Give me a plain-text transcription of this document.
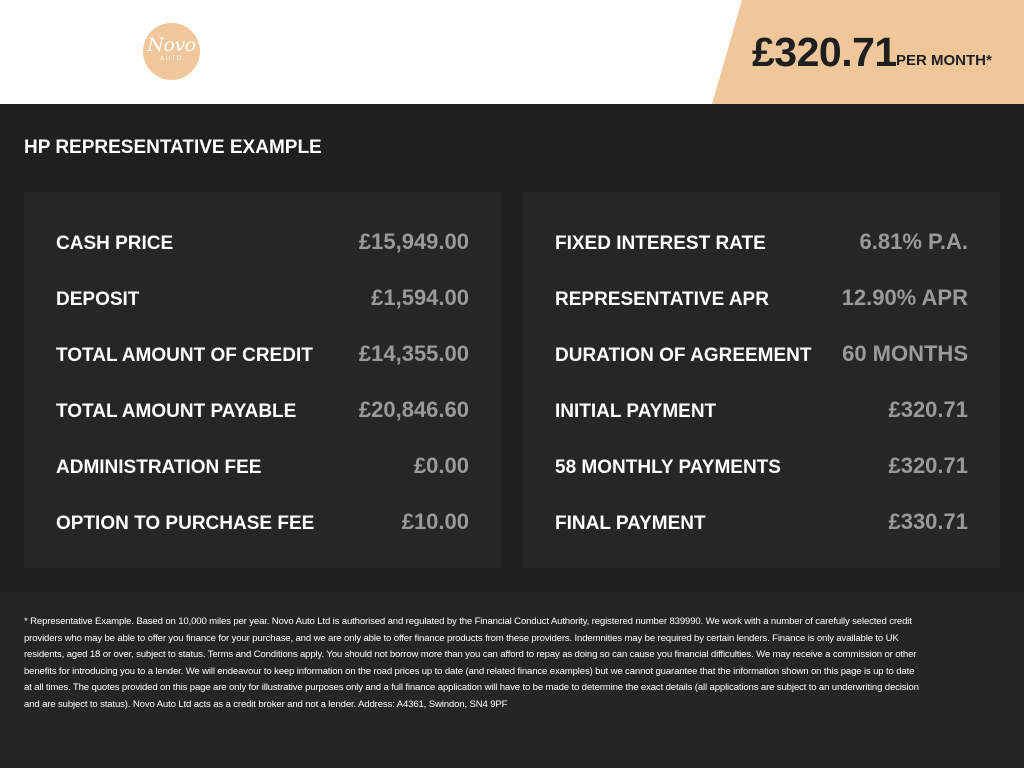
Novo
AUTO	£320.71 PER MONTH*
HP REPRESENTATIVE EXAMPLE
CASH PRICE	£15,949.00
DEPOSIT	£1,594.00
TOTAL AMOUNT OF CREDIT £14,355.00
TOTAL AMOUNT PAYABLE	£20,846.60
ADMINISTRATION FEE	£0.00
OPTION TO PURCHASE FEE	£10.00
FIXED INTEREST RATE	6.81% P.A.
REPRESENTATIVE APR	12.90% APR
DURATION OF AGREEMENT 60 MONTHS
INITIAL PAYMENT	£320.71
58 MONTHLY PAYMENTS	£320.71
FINAL PAYMENT	£330.71
* Representative Example. Based on 10,000 miles per year. Novo Auto Ltd is authorised and regulated by the Financial Conduct Authority, registered number 839990. We work with a number of carefully selected credit providers who may be able to offer you finance for your purchase, and we are only able to offer finance products from these providers. Indemnities may be required by certain lenders. Finance is only available to UK residents, aged 18 or over, subject to status. Terms and Conditions apply. You should not borrow more than you can afford to repay as doing so can cause you financial difficulties. We may receive a commission or other benefits for introducing you to a lender. We will endeavour to keep information on the road prices up to date (and related finance examples) but we cannot guarantee that the information shown on this page is up to date at all times. The quotes provided on this page are only for illustrative purposes only and a full finance application will have to be made to determine the exact details (all applications are subject to an underwriting decision and are subject to status). Novo Auto Ltd acts as a credit broker and not a lender. Address: A4361, Swindon, SN4 9PF
